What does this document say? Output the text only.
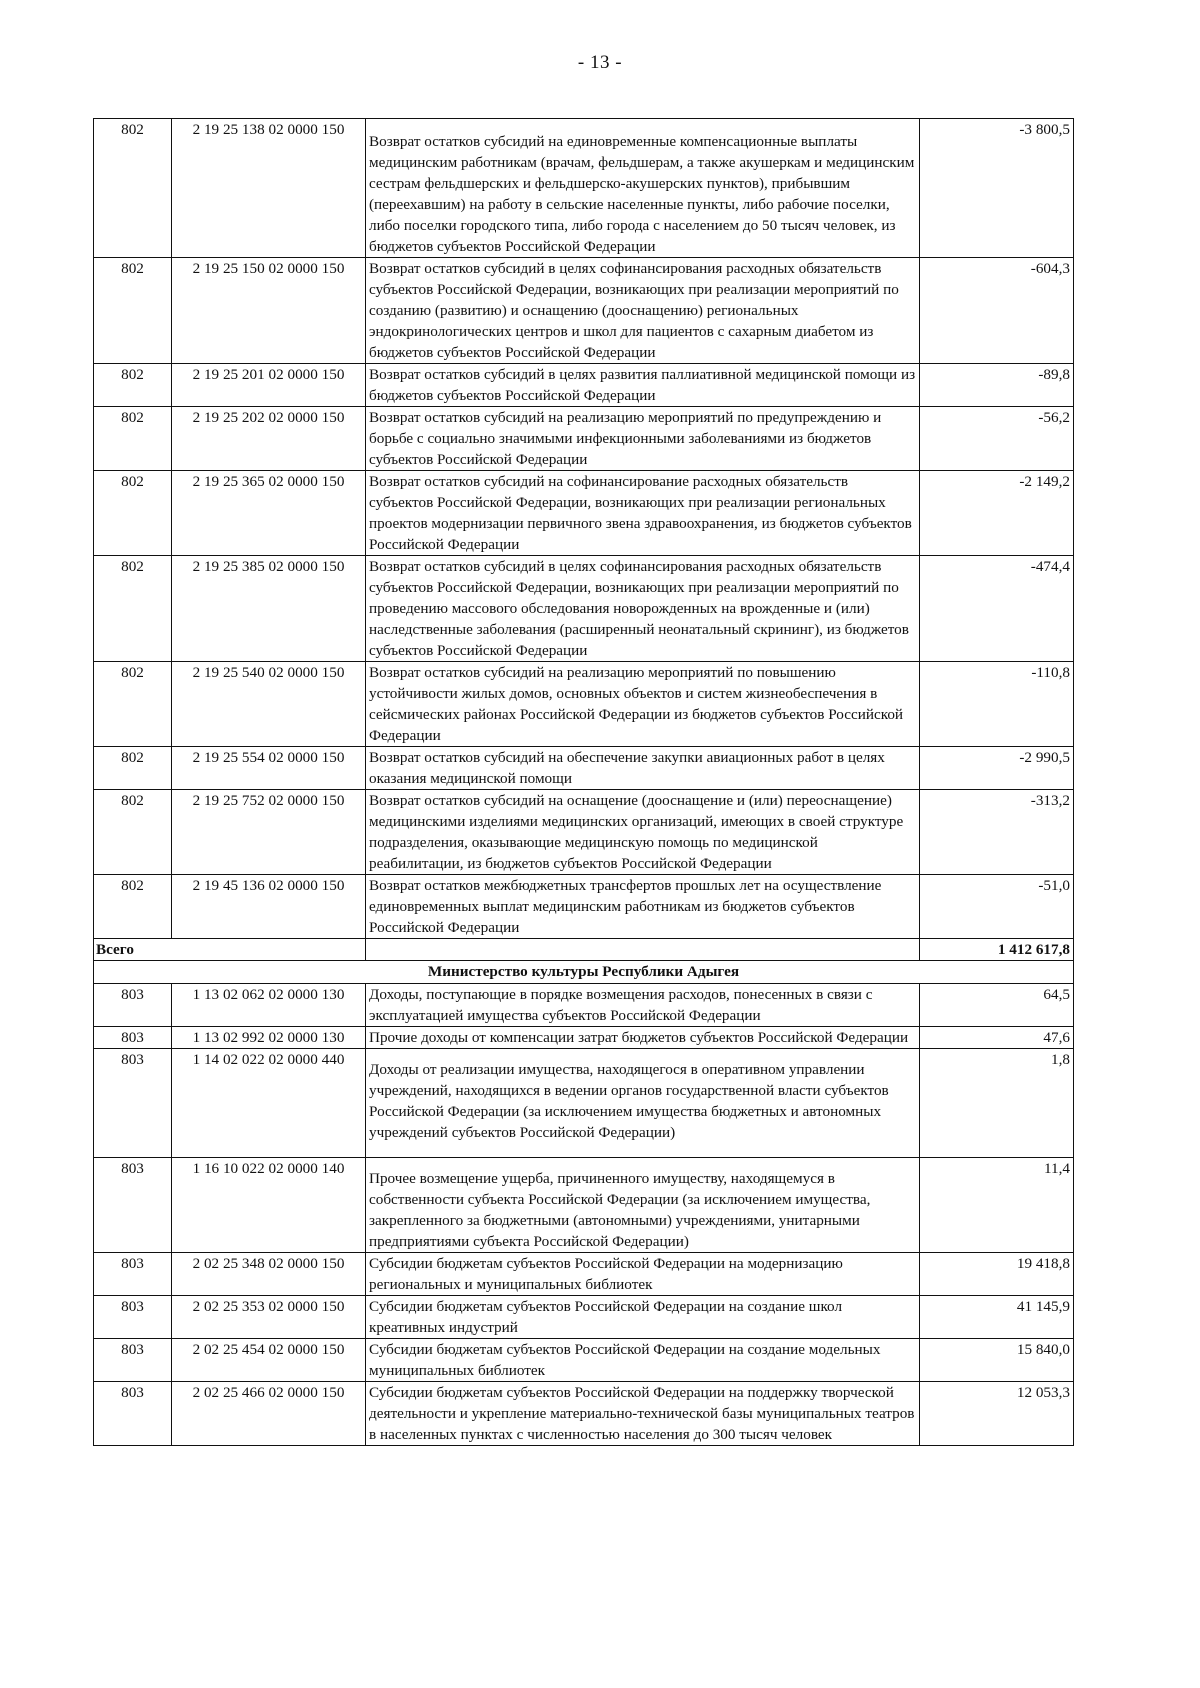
- 13 -
802	2 19 25 138 02 0000 150	Возврат остатков субсидий на единовременные компенсационные выплаты медицинским работникам (врачам, фельдшерам, а также акушеркам и медицинским сестрам фельдшерских и фельдшерско-акушерских пунктов), прибывшим (переехавшим) на работу в сельские населенные пункты, либо рабочие поселки, либо поселки городского типа, либо города с населением до 50 тысяч человек, из бюджетов субъектов Российской Федерации	-3 800,5
802	2 19 25 150 02 0000 150	Возврат остатков субсидий в целях софинансирования расходных обязательств субъектов Российской Федерации, возникающих при реализации мероприятий по созданию (развитию) и оснащению (дооснащению) региональных эндокринологических центров и школ для пациентов с сахарным диабетом из бюджетов субъектов Российской Федерации	-604,3
802	2 19 25 201 02 0000 150	Возврат остатков субсидий в целях развития паллиативной медицинской помощи из бюджетов субъектов Российской Федерации	-89,8
802	2 19 25 202 02 0000 150	Возврат остатков субсидий на реализацию мероприятий по предупреждению и борьбе с социально значимыми инфекционными заболеваниями из бюджетов субъектов Российской Федерации	-56,2
802	2 19 25 365 02 0000 150	Возврат остатков субсидий на софинансирование расходных обязательств субъектов Российской Федерации, возникающих при реализации региональных проектов модернизации первичного звена здравоохранения, из бюджетов субъектов Российской Федерации	-2 149,2
802	2 19 25 385 02 0000 150	Возврат остатков субсидий в целях софинансирования расходных обязательств субъектов Российской Федерации, возникающих при реализации мероприятий по проведению массового обследования новорожденных на врожденные и (или) наследственные заболевания (расширенный неонатальный скрининг), из бюджетов субъектов Российской Федерации	-474,4
802	2 19 25 540 02 0000 150	Возврат остатков субсидий на реализацию мероприятий по повышению устойчивости жилых домов, основных объектов и систем жизнеобеспечения в сейсмических районах Российской Федерации из бюджетов субъектов Российской Федерации	-110,8
802	2 19 25 554 02 0000 150	Возврат остатков субсидий на обеспечение закупки авиационных работ в целях оказания медицинской помощи	-2 990,5
802	2 19 25 752 02 0000 150	Возврат остатков субсидий на оснащение (дооснащение и (или) переоснащение) медицинскими изделиями медицинских организаций, имеющих в своей структуре подразделения, оказывающие медицинскую помощь по медицинской реабилитации, из бюджетов субъектов Российской Федерации	-313,2
802	2 19 45 136 02 0000 150	Возврат остатков межбюджетных трансфертов прошлых лет на осуществление единовременных выплат медицинским работникам из бюджетов субъектов Российской Федерации	-51,0
Всего			1 412 617,8
Министерство культуры Республики Адыгея			
803	1 13 02 062 02 0000 130	Доходы, поступающие в порядке возмещения расходов, понесенных в связи с эксплуатацией имущества субъектов Российской Федерации	64,5
803	1 13 02 992 02 0000 130	Прочие доходы от компенсации затрат бюджетов субъектов Российской Федерации	47,6
803	1 14 02 022 02 0000 440	Доходы от реализации имущества, находящегося в оперативном управлении учреждений, находящихся в ведении органов государственной власти субъектов Российской Федерации (за исключением имущества бюджетных и автономных учреждений субъектов Российской Федерации)	1,8
803	1 16 10 022 02 0000 140	Прочее возмещение ущерба, причиненного имуществу, находящемуся в собственности субъекта Российской Федерации (за исключением имущества, закрепленного за бюджетными (автономными) учреждениями, унитарными предприятиями субъекта Российской Федерации)	11,4
803	2 02 25 348 02 0000 150	Субсидии бюджетам субъектов Российской Федерации на модернизацию региональных и муниципальных библиотек	19 418,8
803	2 02 25 353 02 0000 150	Субсидии бюджетам субъектов Российской Федерации на создание школ креативных индустрий	41 145,9
803	2 02 25 454 02 0000 150	Субсидии бюджетам субъектов Российской Федерации на создание модельных муниципальных библиотек	15 840,0
803	2 02 25 466 02 0000 150	Субсидии бюджетам субъектов Российской Федерации на поддержку творческой деятельности и укрепление материально-технической базы муниципальных театров в населенных пунктах с численностью населения до 300 тысяч человек	12 053,3
